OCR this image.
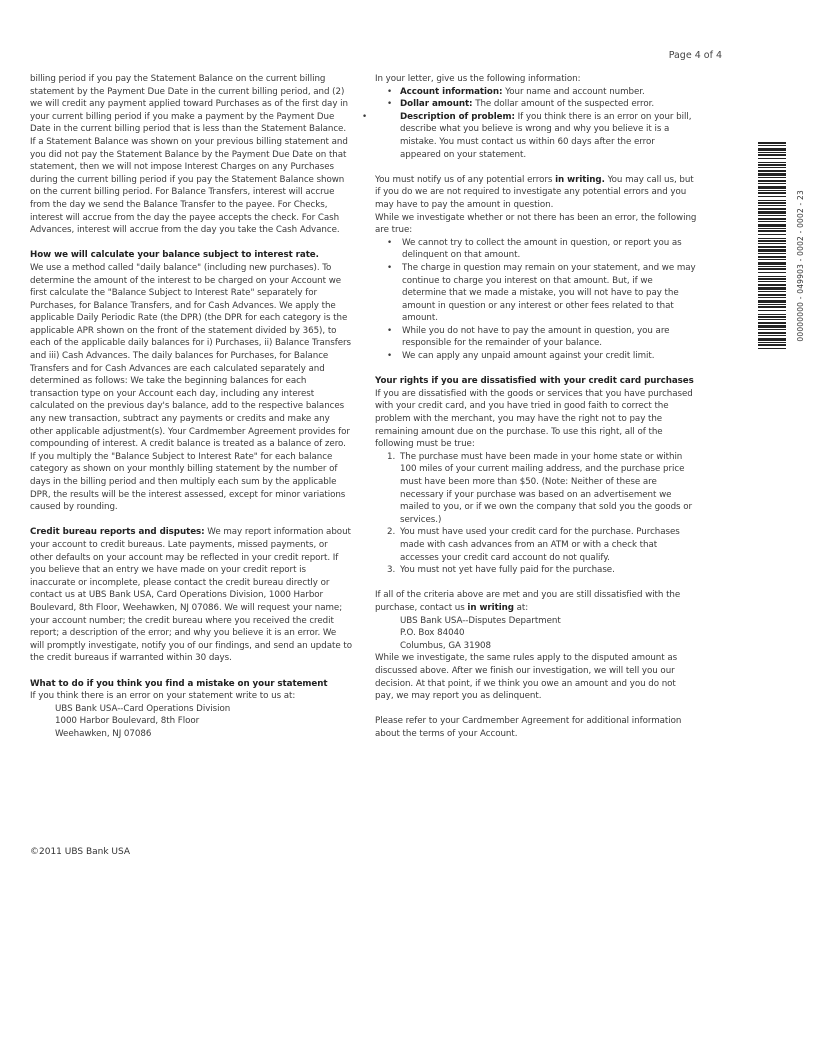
Page 4 of 4

billing period if you pay the Statement Balance on the current billing statement by the Payment Due Date in the current billing period, and (2) we will credit any payment applied toward Purchases as of the first day in your current billing period if you make a payment by the Payment Due Date in the current billing period that is less than the Statement Balance. If a Statement Balance was shown on your previous billing statement and you did not pay the Statement Balance by the Payment Due Date on that statement, then we will not impose Interest Charges on any Purchases during the current billing period if you pay the Statement Balance shown on the current billing period. For Balance Transfers, interest will accrue from the day we send the Balance Transfer to the payee. For Checks, interest will accrue from the day the payee accepts the check. For Cash Advances, interest will accrue from the day you take the Cash Advance.

How we will calculate your balance subject to interest rate.
We use a method called "daily balance" (including new purchases). To determine the amount of the interest to be charged on your Account we first calculate the "Balance Subject to Interest Rate" separately for Purchases, for Balance Transfers, and for Cash Advances. We apply the applicable Daily Periodic Rate (the DPR) (the DPR for each category is the applicable APR shown on the front of the statement divided by 365), to each of the applicable daily balances for i) Purchases, ii) Balance Transfers and iii) Cash Advances. The daily balances for Purchases, for Balance Transfers and for Cash Advances are each calculated separately and determined as follows: We take the beginning balances for each transaction type on your Account each day, including any interest calculated on the previous day's balance, add to the respective balances any new transaction, subtract any payments or credits and make any other applicable adjustment(s). Your Cardmember Agreement provides for compounding of interest. A credit balance is treated as a balance of zero. If you multiply the "Balance Subject to Interest Rate" for each balance category as shown on your monthly billing statement by the number of days in the billing period and then multiply each sum by the applicable DPR, the results will be the interest assessed, except for minor variations caused by rounding.

Credit bureau reports and disputes: We may report information about your account to credit bureaus. Late payments, missed payments, or other defaults on your account may be reflected in your credit report. If you believe that an entry we have made on your credit report is inaccurate or incomplete, please contact the credit bureau directly or contact us at UBS Bank USA, Card Operations Division, 1000 Harbor Boulevard, 8th Floor, Weehawken, NJ 07086. We will request your name; your account number; the credit bureau where you received the credit report; a description of the error; and why you believe it is an error. We will promptly investigate, notify you of our findings, and send an update to the credit bureaus if warranted within 30 days.

What to do if you think you find a mistake on your statement
If you think there is an error on your statement write to us at:

UBS Bank USA--Card Operations Division
1000 Harbor Boulevard, 8th Floor
Weehawken, NJ 07086
In your letter, give us the following information:
• Account information: Your name and account number.
• Dollar amount: The dollar amount of the suspected error.
• Description of problem: If you think there is an error on your bill, describe what you believe is wrong and why you believe it is a mistake. You must contact us within 60 days after the error appeared on your statement.

You must notify us of any potential errors in writing. You may call us, but if you do we are not required to investigate any potential errors and you may have to pay the amount in question.

While we investigate whether or not there has been an error, the following are true:
• We cannot try to collect the amount in question, or report you as delinquent on that amount.
• The charge in question may remain on your statement, and we may continue to charge you interest on that amount. But, if we determine that we made a mistake, you will not have to pay the amount in question or any interest or other fees related to that amount.
• While you do not have to pay the amount in question, you are responsible for the remainder of your balance.
• We can apply any unpaid amount against your credit limit.
Your rights if you are dissatisfied with your credit card purchases
If you are dissatisfied with the goods or services that you have purchased with your credit card, and you have tried in good faith to correct the problem with the merchant, you may have the right not to pay the remaining amount due on the purchase. To use this right, all of the following must be true:
1. The purchase must have been made in your home state or within 100 miles of your current mailing address, and the purchase price must have been more than $50. (Note: Neither of these are necessary if your purchase was based on an advertisement we mailed to you, or if we own the company that sold you the goods or services.)
2. You must have used your credit card for the purchase. Purchases made with cash advances from an ATM or with a check that accesses your credit card account do not qualify.
3. You must not yet have fully paid for the purchase.
If all of the criteria above are met and you are still dissatisfied with the purchase, contact us in writing at:
UBS Bank USA--Disputes Department
P.O. Box 84040
Columbus, GA 31908

While we investigate, the same rules apply to the disputed amount as discussed above. After we finish our investigation, we will tell you our decision. At that point, if we think you owe an amount and you do not pay, we may report you as delinquent.

Please refer to your Cardmember Agreement for additional information about the terms of your Account.

©2011 UBS Bank USA
00000000 - 049903 - 0002 - 0002 - 23
